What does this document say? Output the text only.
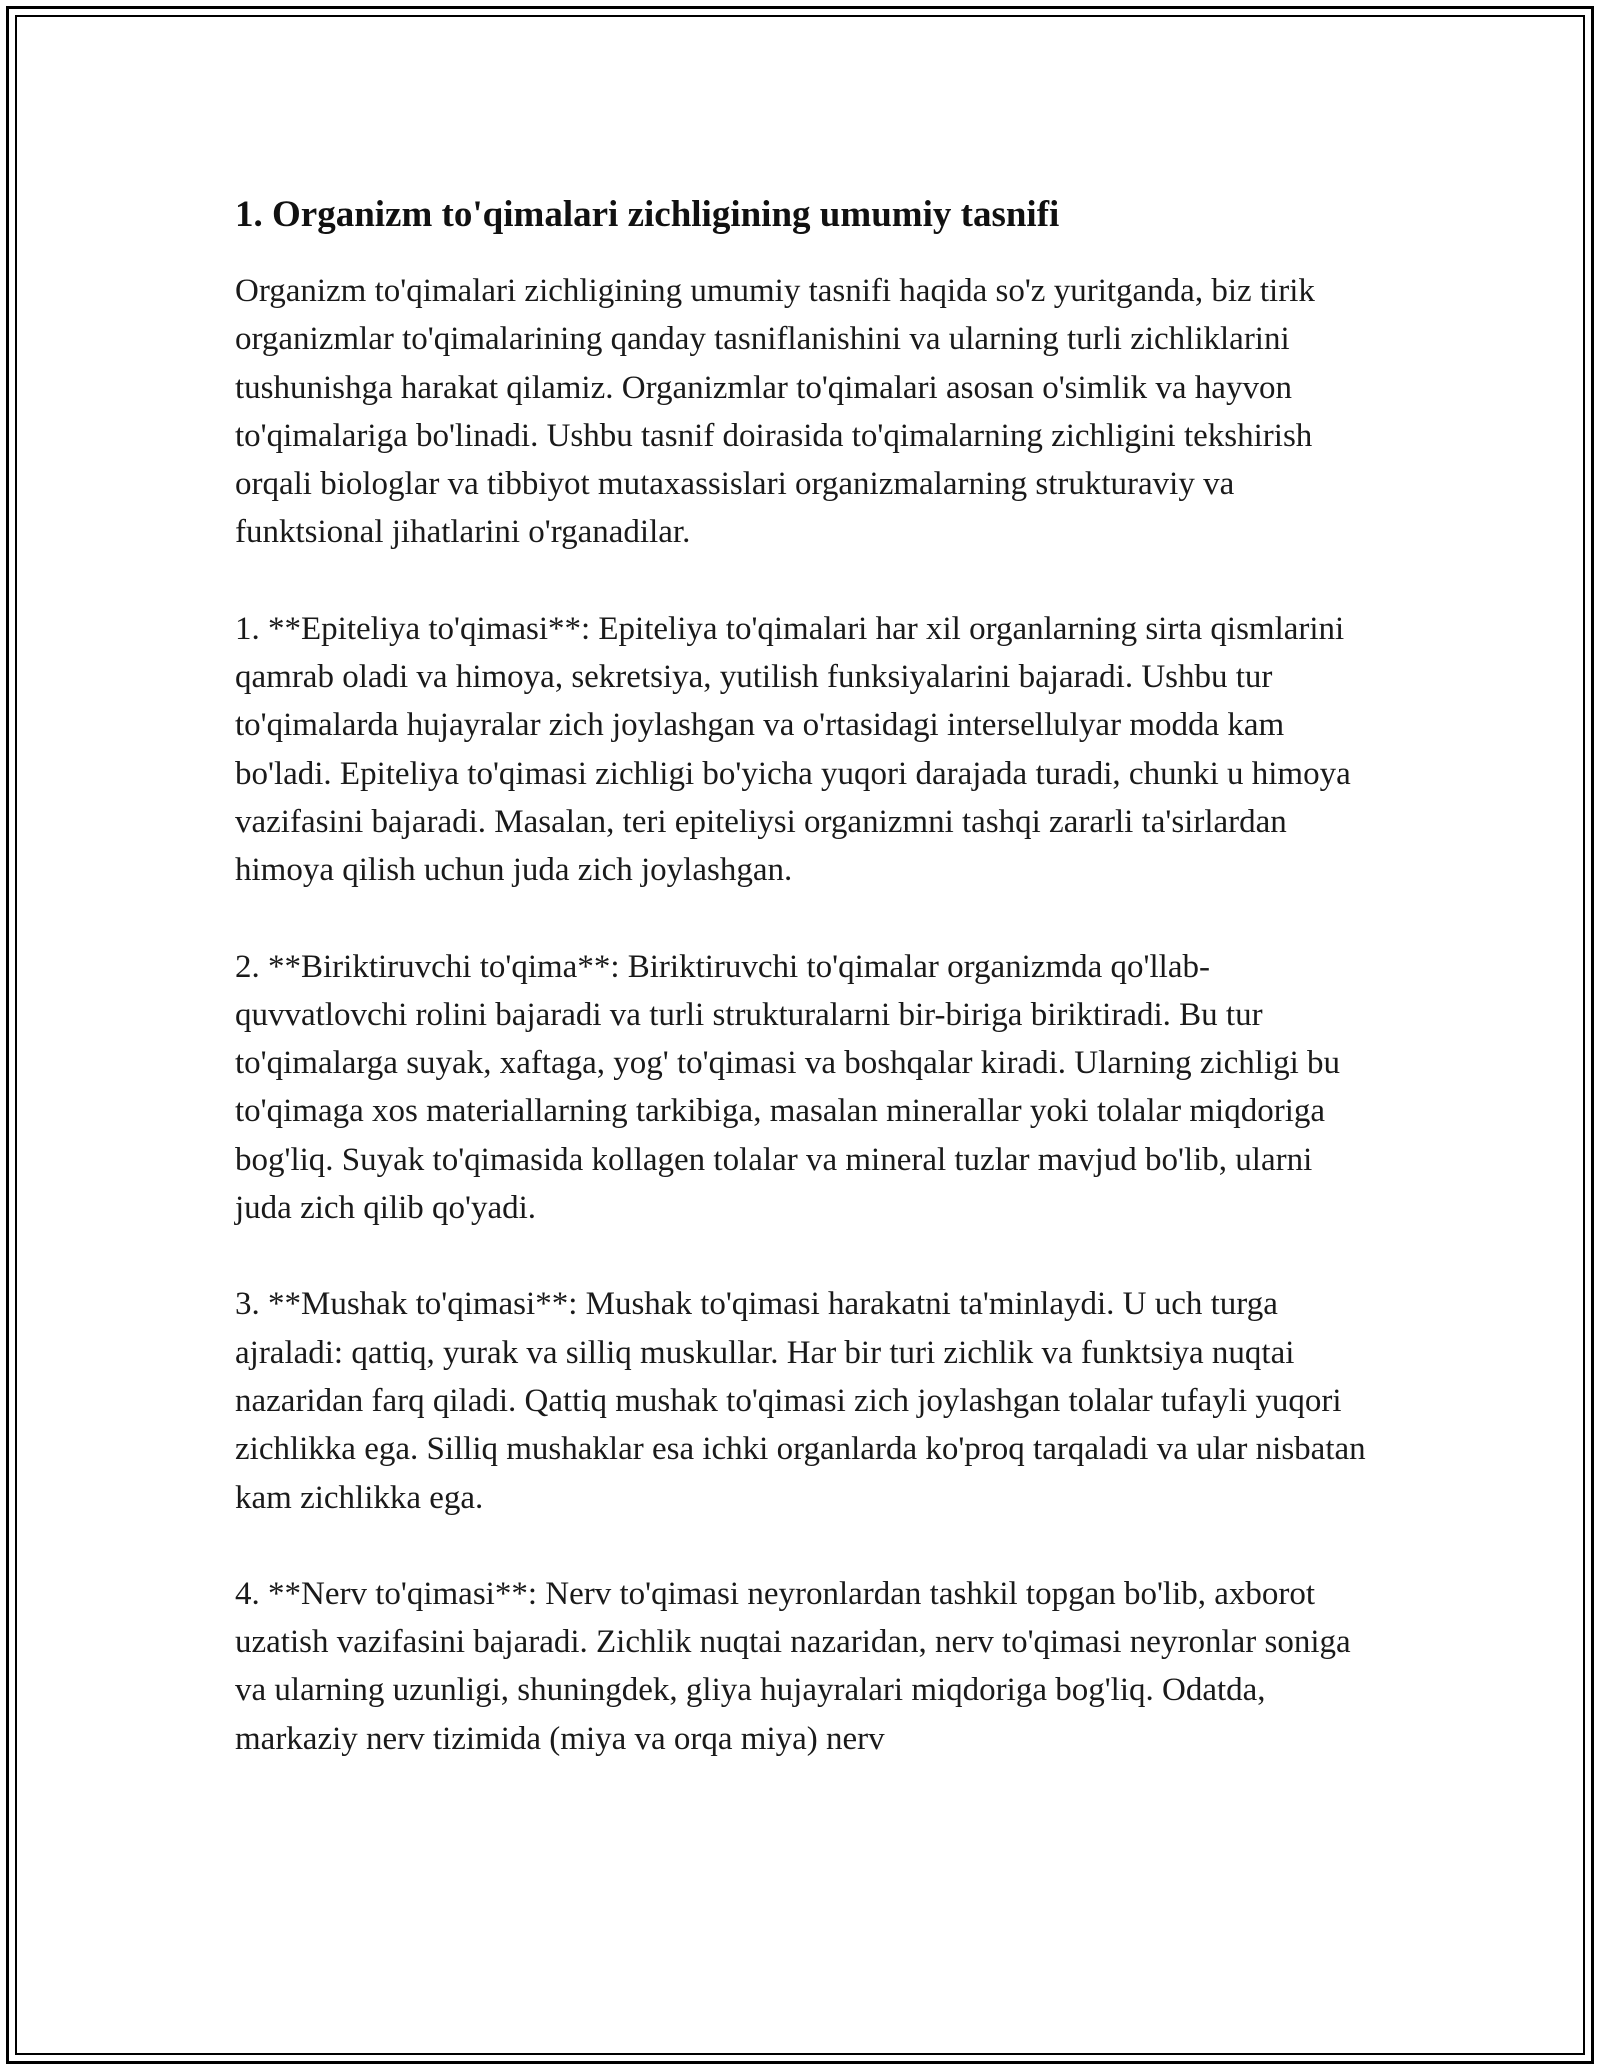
1. Organizm to'qimalari zichligining umumiy tasnifi

Organizm to'qimalari zichligining umumiy tasnifi haqida so'z yuritganda, biz tirik organizmlar to'qimalarining qanday tasniflanishini va ularning turli zichliklarini tushunishga harakat qilamiz. Organizmlar to'qimalari asosan o'simlik va hayvon to'qimalariga bo'linadi. Ushbu tasnif doirasida to'qimalarning zichligini tekshirish orqali biologlar va tibbiyot mutaxassislari organizmalarning strukturaviy va funktsional jihatlarini o'rganadilar.

1. **Epiteliya to'qimasi**: Epiteliya to'qimalari har xil organlarning sirta qismlarini qamrab oladi va himoya, sekretsiya, yutilish funksiyalarini bajaradi. Ushbu tur to'qimalarda hujayralar zich joylashgan va o'rtasidagi intersellulyar modda kam bo'ladi. Epiteliya to'qimasi zichligi bo'yicha yuqori darajada turadi, chunki u himoya vazifasini bajaradi. Masalan, teri epiteliysi organizmni tashqi zararli ta'sirlardan himoya qilish uchun juda zich joylashgan.

2. **Biriktiruvchi to'qima**: Biriktiruvchi to'qimalar organizmda qo'llab-quvvatlovchi rolini bajaradi va turli strukturalarni bir-biriga biriktiradi. Bu tur to'qimalarga suyak, xaftaga, yog' to'qimasi va boshqalar kiradi. Ularning zichligi bu to'qimaga xos materiallarning tarkibiga, masalan minerallar yoki tolalar miqdoriga bog'liq. Suyak to'qimasida kollagen tolalar va mineral tuzlar mavjud bo'lib, ularni juda zich qilib qo'yadi.

3. **Mushak to'qimasi**: Mushak to'qimasi harakatni ta'minlaydi. U uch turga ajraladi: qattiq, yurak va silliq muskullar. Har bir turi zichlik va funktsiya nuqtai nazaridan farq qiladi. Qattiq mushak to'qimasi zich joylashgan tolalar tufayli yuqori zichlikka ega. Silliq mushaklar esa ichki organlarda ko'proq tarqaladi va ular nisbatan kam zichlikka ega.

4. **Nerv to'qimasi**: Nerv to'qimasi neyronlardan tashkil topgan bo'lib, axborot uzatish vazifasini bajaradi. Zichlik nuqtai nazaridan, nerv to'qimasi neyronlar soniga va ularning uzunligi, shuningdek, gliya hujayralari miqdoriga bog'liq. Odatda, markaziy nerv tizimida (miya va orqa miya) nerv
